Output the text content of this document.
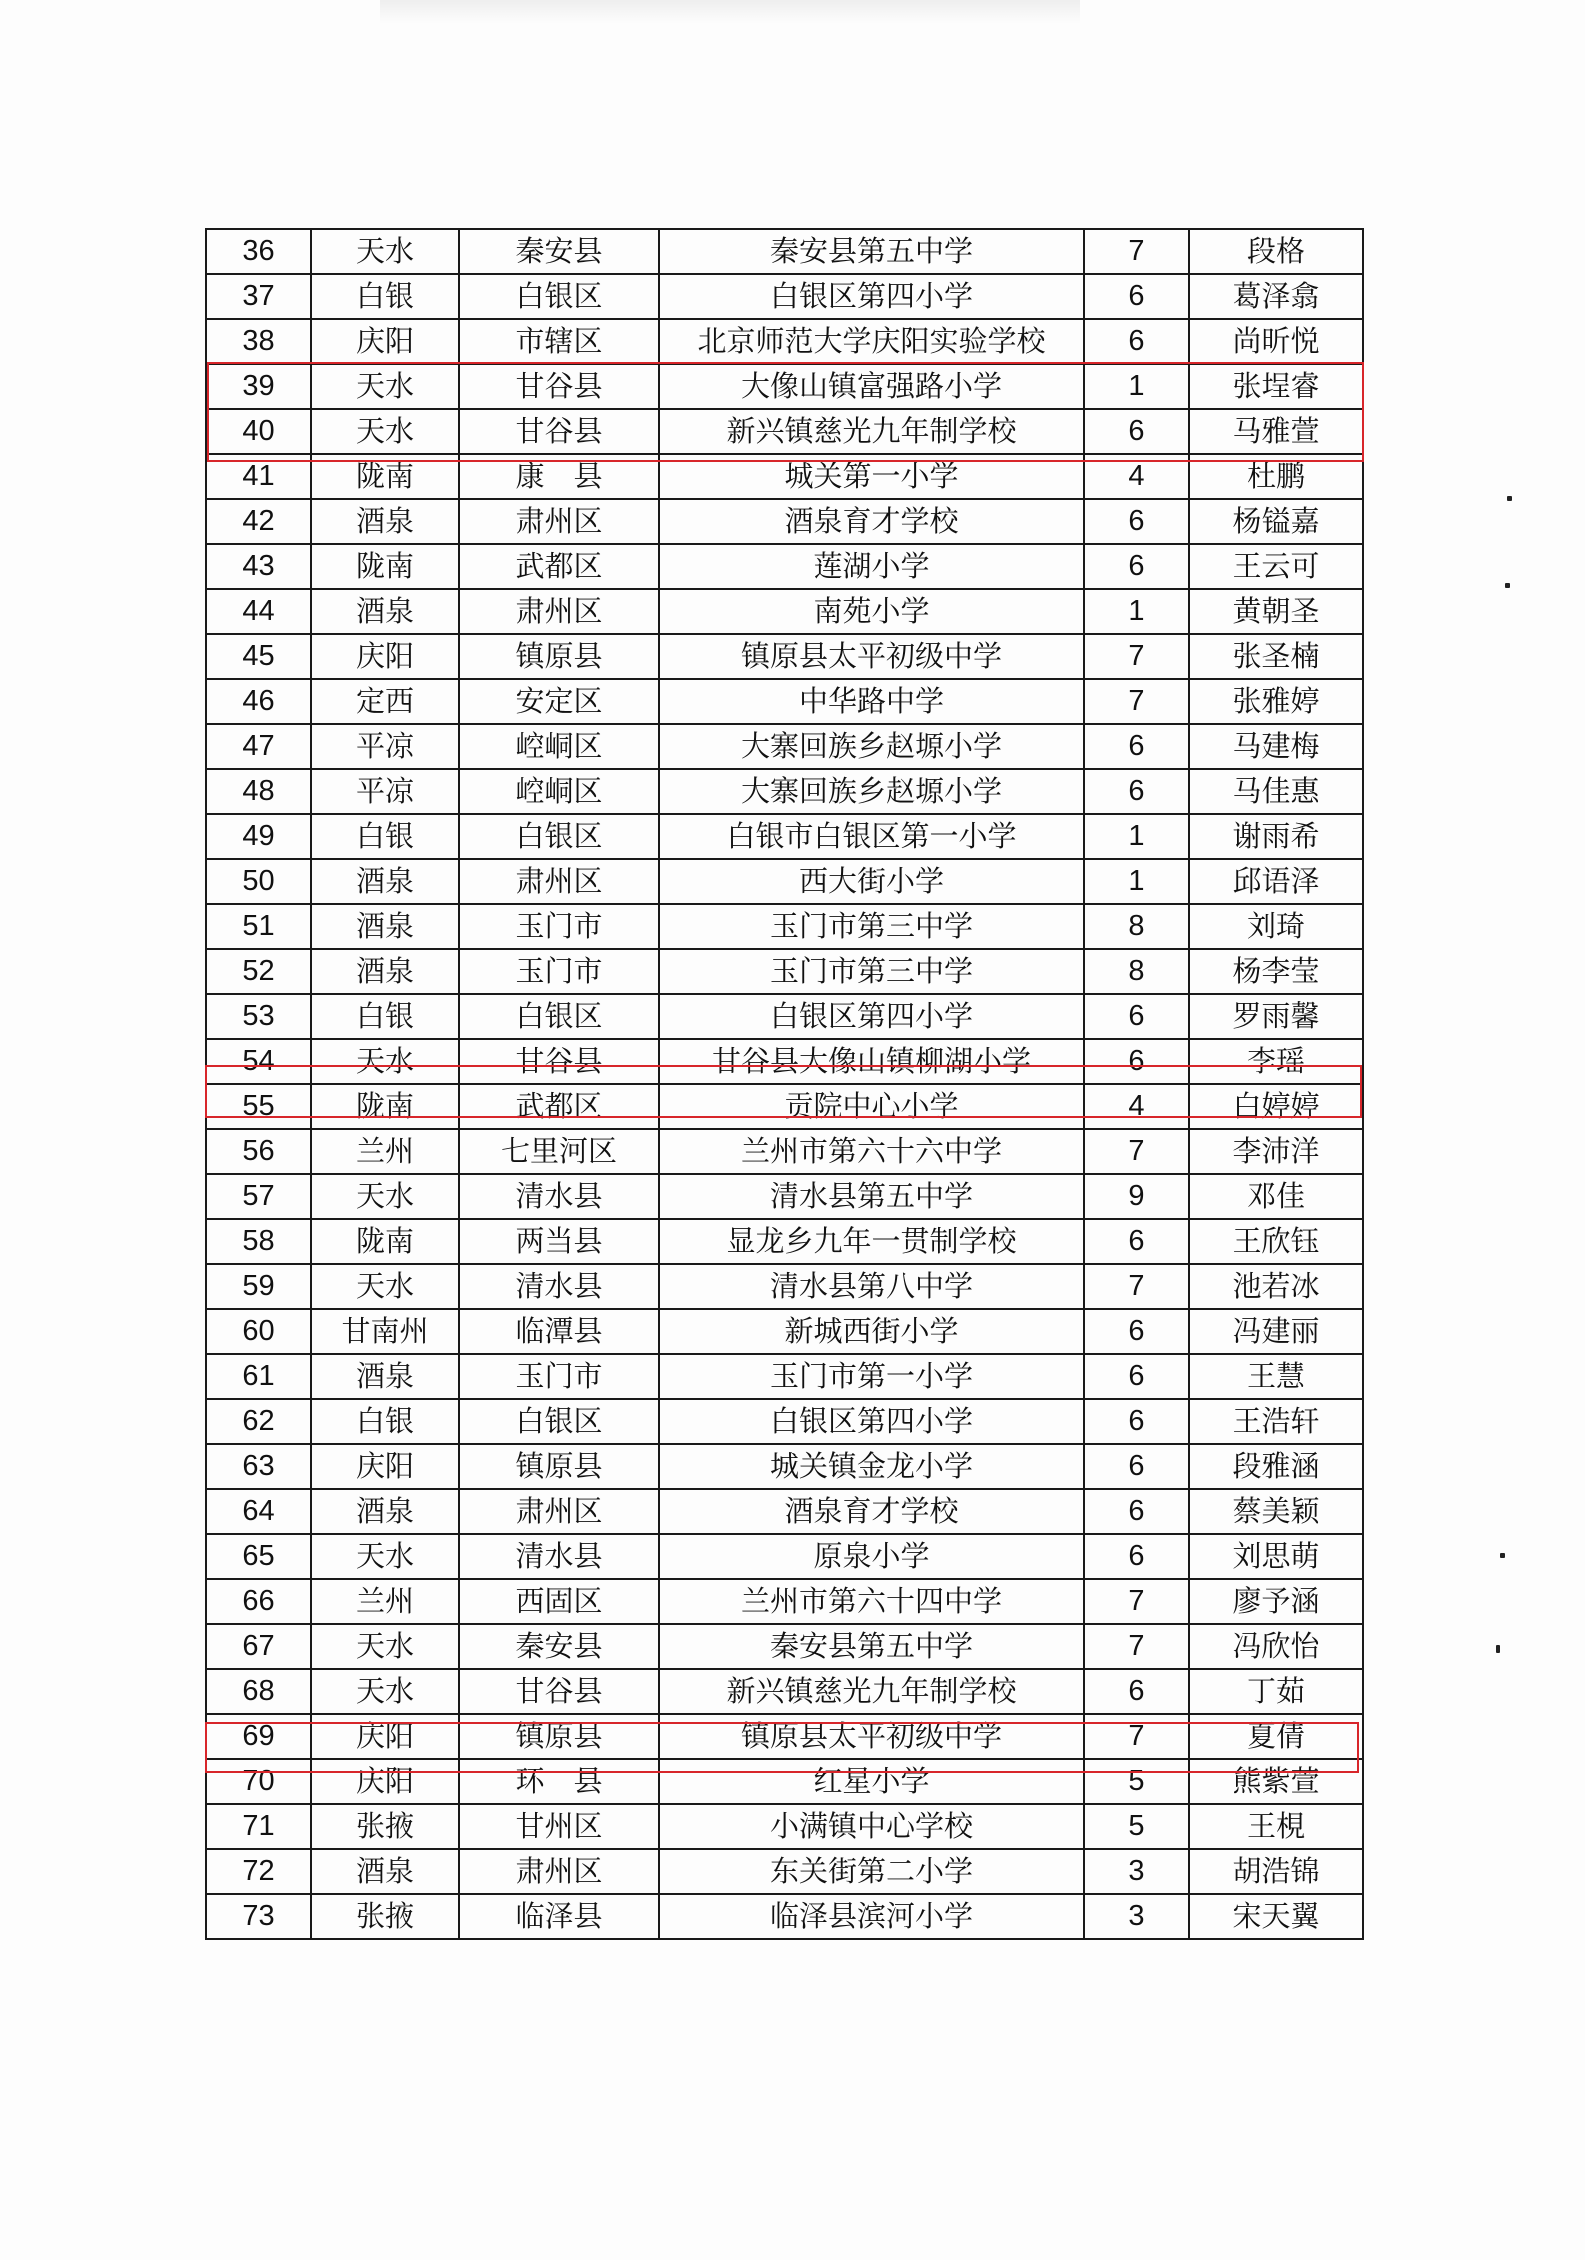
36	天水	秦安县	秦安县第五中学	7	段格
37	白银	白银区	白银区第四小学	6	葛泽翕
38	庆阳	市辖区	北京师范大学庆阳实验学校	6	尚昕悦
39	天水	甘谷县	大像山镇富强路小学	1	张埕睿
40	天水	甘谷县	新兴镇慈光九年制学校	6	马雅萱
41	陇南	康　县	城关第一小学	4	杜鹏
42	酒泉	肃州区	酒泉育才学校	6	杨镒嘉
43	陇南	武都区	莲湖小学	6	王云可
44	酒泉	肃州区	南苑小学	1	黄朝圣
45	庆阳	镇原县	镇原县太平初级中学	7	张圣楠
46	定西	安定区	中华路中学	7	张雅婷
47	平凉	崆峒区	大寨回族乡赵塬小学	6	马建梅
48	平凉	崆峒区	大寨回族乡赵塬小学	6	马佳惠
49	白银	白银区	白银市白银区第一小学	1	谢雨希
50	酒泉	肃州区	西大街小学	1	邱语泽
51	酒泉	玉门市	玉门市第三中学	8	刘琦
52	酒泉	玉门市	玉门市第三中学	8	杨李莹
53	白银	白银区	白银区第四小学	6	罗雨馨
54	天水	甘谷县	甘谷县大像山镇柳湖小学	6	李瑶
55	陇南	武都区	贡院中心小学	4	白婷婷
56	兰州	七里河区	兰州市第六十六中学	7	李沛洋
57	天水	清水县	清水县第五中学	9	邓佳
58	陇南	两当县	显龙乡九年一贯制学校	6	王欣钰
59	天水	清水县	清水县第八中学	7	池若冰
60	甘南州	临潭县	新城西街小学	6	冯建丽
61	酒泉	玉门市	玉门市第一小学	6	王慧
62	白银	白银区	白银区第四小学	6	王浩轩
63	庆阳	镇原县	城关镇金龙小学	6	段雅涵
64	酒泉	肃州区	酒泉育才学校	6	蔡美颖
65	天水	清水县	原泉小学	6	刘思萌
66	兰州	西固区	兰州市第六十四中学	7	廖予涵
67	天水	秦安县	秦安县第五中学	7	冯欣怡
68	天水	甘谷县	新兴镇慈光九年制学校	6	丁茹
69	庆阳	镇原县	镇原县太平初级中学	7	夏倩
70	庆阳	环　县	红星小学	5	熊紫萱
71	张掖	甘州区	小满镇中心学校	5	王梘
72	酒泉	肃州区	东关街第二小学	3	胡浩锦
73	张掖	临泽县	临泽县滨河小学	3	宋天翼
